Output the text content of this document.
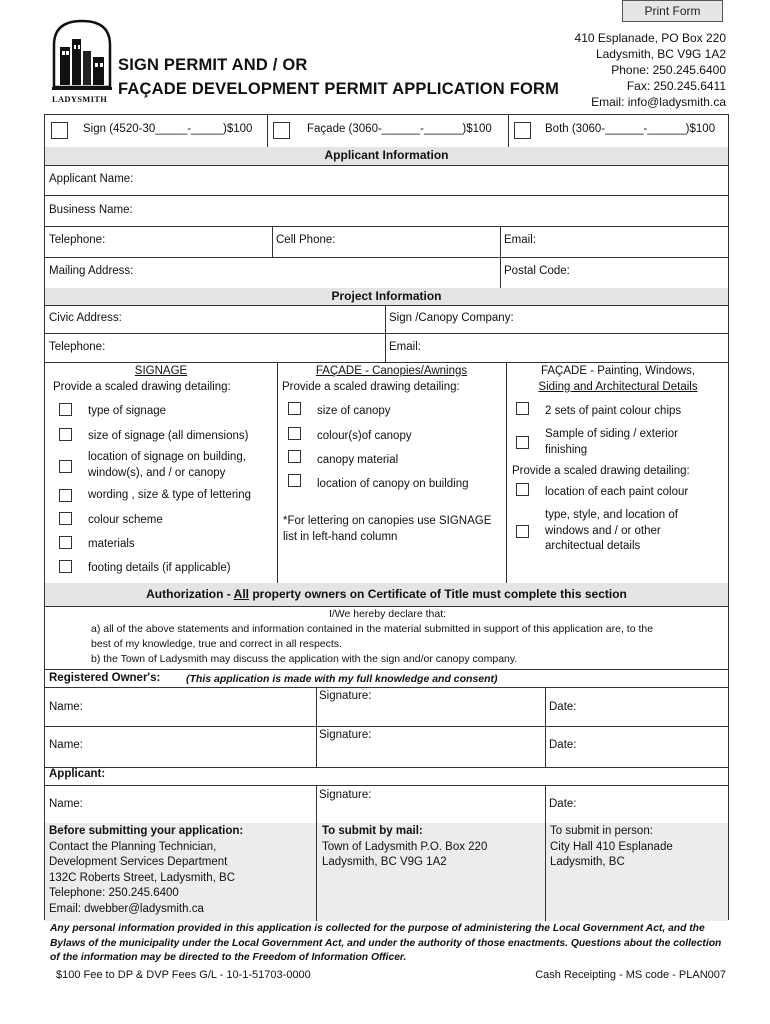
Print Form
LADYSMITH
SIGN PERMIT AND / OR
FAÇADE DEVELOPMENT PERMIT APPLICATION FORM
410 Esplanade, PO Box 220
Ladysmith, BC V9G 1A2
Phone: 250.245.6400
Fax: 250.245.6411
Email: info@ladysmith.ca
Sign (4520-30_____-_____)$100	Façade (3060-______-______)$100	Both (3060-______-______)$100
Applicant Information
Applicant Name:
Business Name:
Telephone:	Cell Phone:	Email:
Mailing Address:	Postal Code:
Project Information
Civic Address:	Sign /Canopy Company:
Telephone:	Email:
SIGNAGE
Provide a scaled drawing detailing:
type of signage
size of signage (all dimensions)
location of signage on building,
window(s), and / or canopy
wording , size & type of lettering
colour scheme
materials
footing details (if applicable)
FAÇADE - Canopies/Awnings
Provide a scaled drawing detailing:
size of canopy
colour(s)of canopy
canopy material
location of canopy on building
*For lettering on canopies use SIGNAGE
list in left-hand column
FAÇADE - Painting, Windows,
Siding and Architectural Details
2 sets of paint colour chips
Sample of siding / exterior
finishing
Provide a scaled drawing detailing:
location of each paint colour
type, style, and location of
windows and / or other
architectual details
Authorization - All property owners on Certificate of Title must complete this section
I/We hereby declare that:
a) all of the above statements and information contained in the material submitted in support of this application are, to the
best of my knowledge, true and correct in all respects.
b) the Town of Ladysmith may discuss the application with the sign and/or canopy company.
Registered Owner's: (This application is made with my full knowledge and consent)
Name:
Signature:
Date:
Name:
Signature:
Date:
Applicant:
Name:
Signature:
Date:
Before submitting your application:
Contact the Planning Technician,
Development Services Department
132C Roberts Street, Ladysmith, BC
Telephone: 250.245.6400
Email: dwebber@ladysmith.ca
To submit by mail:
Town of Ladysmith P.O. Box 220
Ladysmith, BC V9G 1A2
To submit in person:
City Hall 410 Esplanade
Ladysmith, BC
Any personal information provided in this application is collected for the purpose of administering the Local Government Act, and the
Bylaws of the municipality under the Local Government Act, and under the authority of those enactments. Questions about the collection
of the information may be directed to the Freedom of Information Officer.
$100 Fee to DP & DVP Fees G/L - 10-1-51703-0000	Cash Receipting - MS code - PLAN007
